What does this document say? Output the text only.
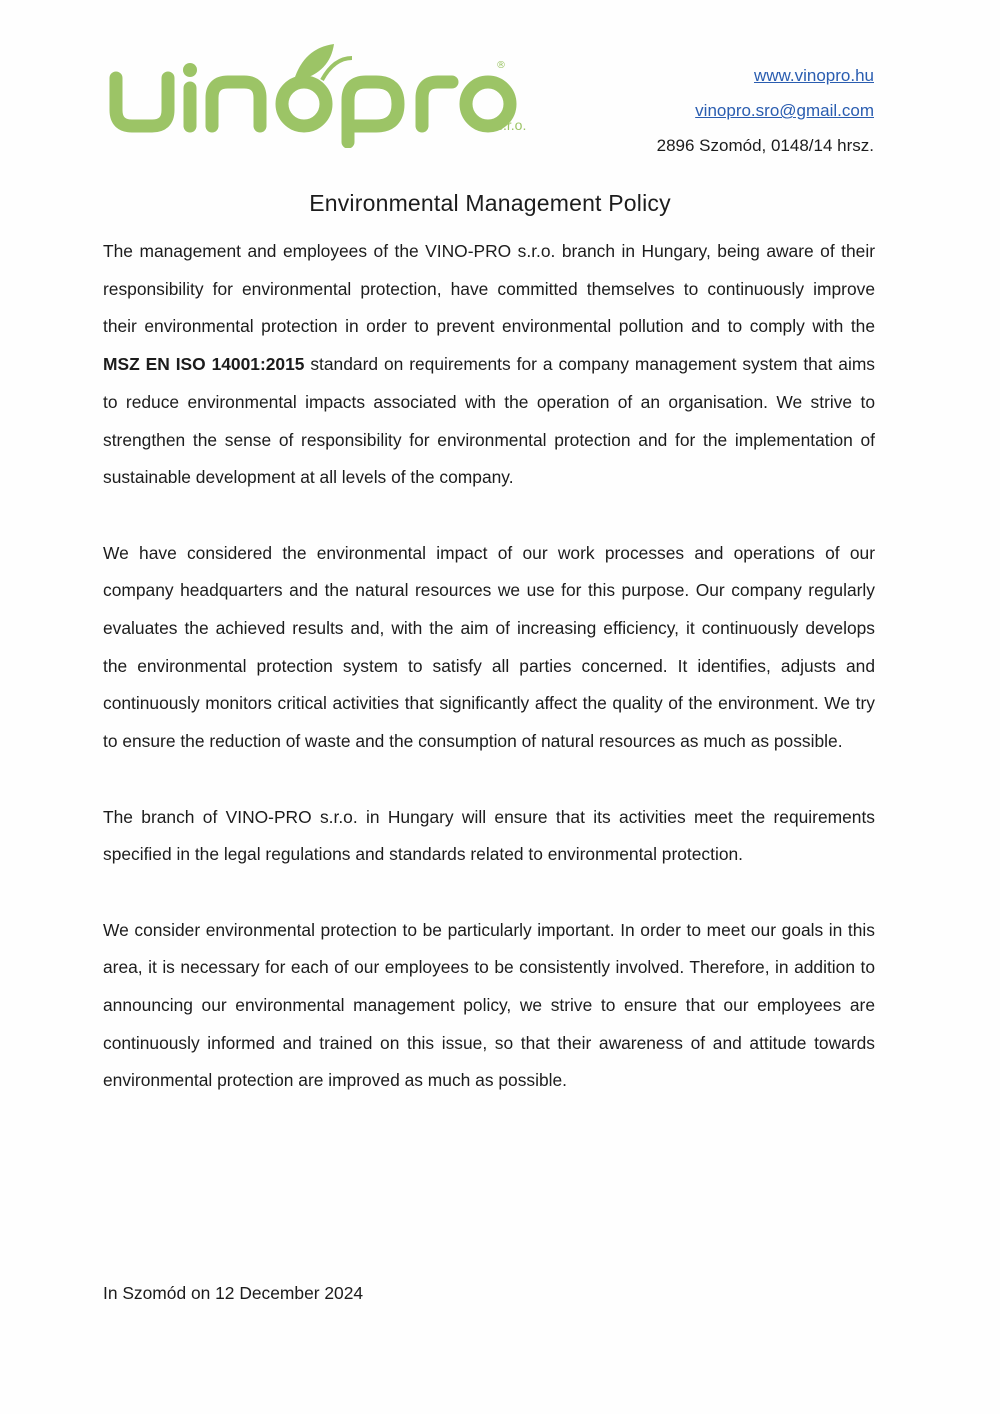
®
s.r.o.
www.vinopro.hu
vinopro.sro@gmail.com
2896 Szomód, 0148/14 hrsz.
Environmental Management Policy

The management and employees of the VINO-PRO s.r.o. branch in Hungary, being aware of their responsibility for environmental protection, have committed themselves to continuously improve their environmental protection in order to prevent environmental pollution and to comply with the MSZ EN ISO 14001:2015 standard on requirements for a company management system that aims to reduce environmental impacts associated with the operation of an organisation. We strive to strengthen the sense of responsibility for environmental protection and for the implementation of sustainable development at all levels of the company.

We have considered the environmental impact of our work processes and operations of our company headquarters and the natural resources we use for this purpose. Our company regularly evaluates the achieved results and, with the aim of increasing efficiency, it continuously develops the environmental protection system to satisfy all parties concerned. It identifies, adjusts and continuously monitors critical activities that significantly affect the quality of the environment. We try to ensure the reduction of waste and the consumption of natural resources as much as possible.

The branch of VINO-PRO s.r.o. in Hungary will ensure that its activities meet the requirements specified in the legal regulations and standards related to environmental protection.

We consider environmental protection to be particularly important. In order to meet our goals in this area, it is necessary for each of our employees to be consistently involved. Therefore, in addition to announcing our environmental management policy, we strive to ensure that our employees are continuously informed and trained on this issue, so that their awareness of and attitude towards environmental protection are improved as much as possible.

In Szomód on 12 December 2024
